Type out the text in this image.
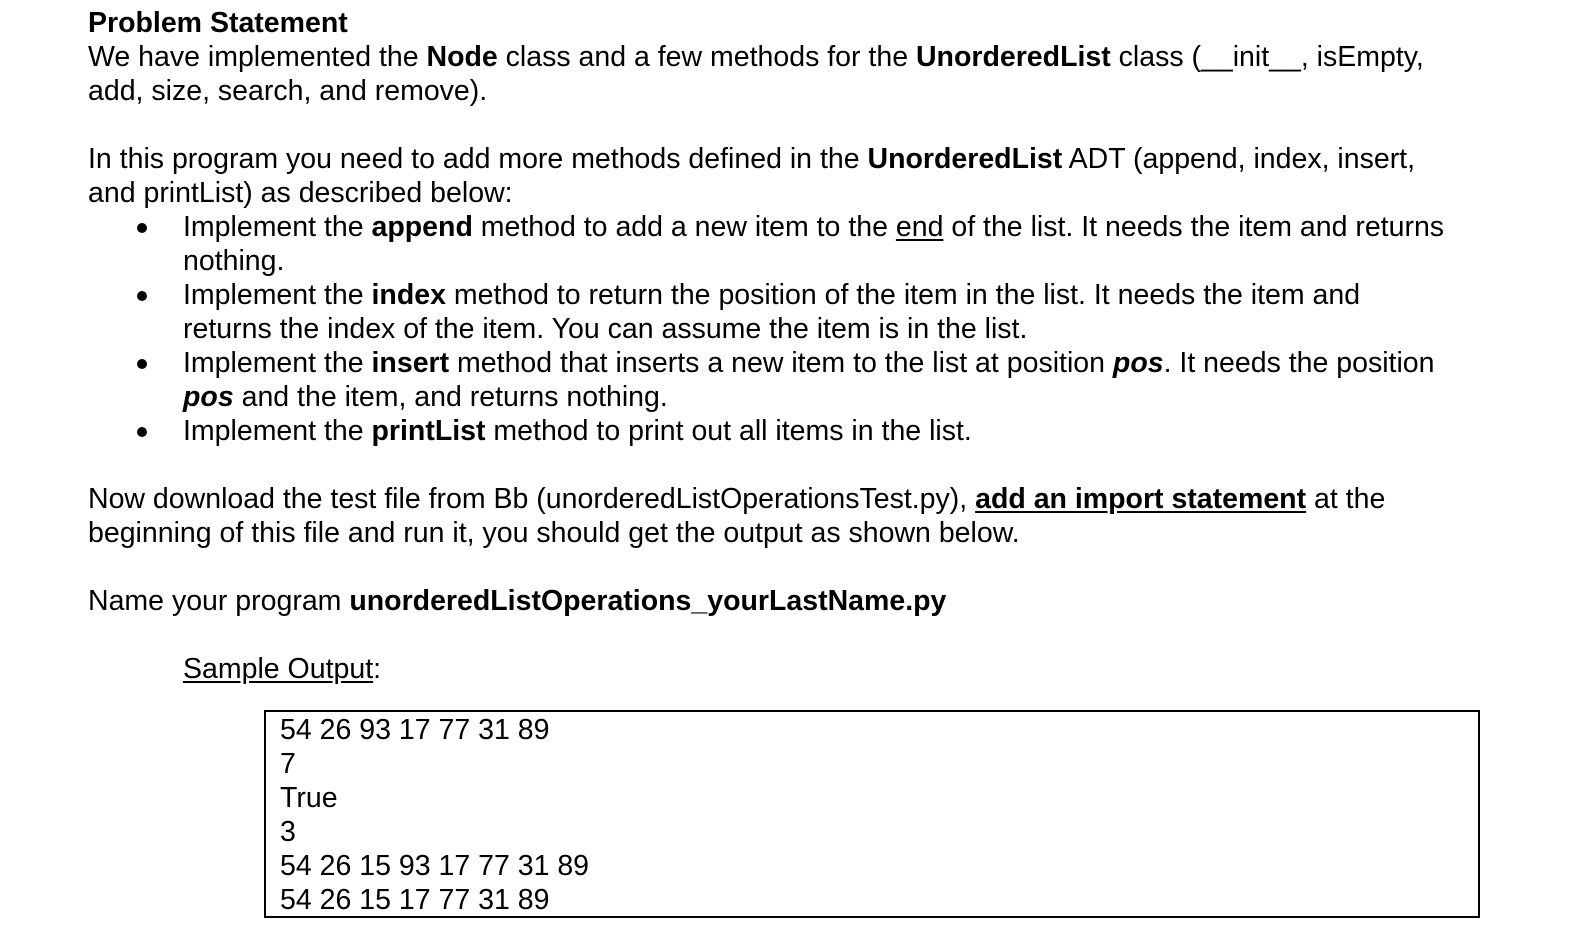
Problem Statement

We have implemented the Node class and a few methods for the UnorderedList class (__init__, isEmpty,
add, size, search, and remove).

In this program you need to add more methods defined in the UnorderedList ADT (append, index, insert,
and printList) as described below:

Implement the append method to add a new item to the end of the list. It needs the item and returns
nothing.
Implement the index method to return the position of the item in the list. It needs the item and
returns the index of the item. You can assume the item is in the list.
Implement the insert method that inserts a new item to the list at position pos. It needs the position
pos and the item, and returns nothing.
Implement the printList method to print out all items in the list.

Now download the test file from Bb (unorderedListOperationsTest.py), add an import statement at the
beginning of this file and run it, you should get the output as shown below.

Name your program unorderedListOperations_yourLastName.py

Sample Output:

54 26 93 17 77 31 89
7
True
3
54 26 15 93 17 77 31 89
54 26 15 17 77 31 89
